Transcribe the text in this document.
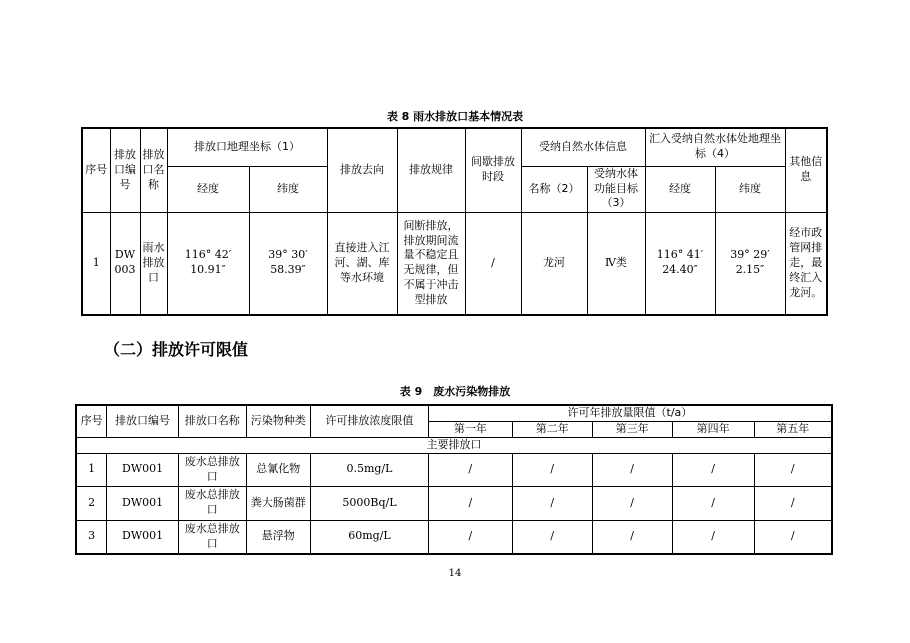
表 8 雨水排放口基本情况表
序号	排放口编号	排放口名称	排放口地理坐标（1）		排放去向	排放规律	间歇排放时段	受纳自然水体信息		汇入受纳自然水体处地理坐标（4）		其他信息
			经度	纬度				名称（2）	受纳水体功能目标（3）	经度	纬度	
1	DW003	雨水排放口	116° 42′ 10.91″	39° 30′ 58.39″	直接进入江河、湖、库等水环境	间断排放，排放期间流量不稳定且无规律，但不属于冲击型排放	/	龙河	Ⅳ类	116° 41′ 24.40″	39° 29′ 2.15″	经市政管网排走，最终汇入龙河。
（二）排放许可限值
表 9　废水污染物排放
序号	排放口编号	排放口名称	污染物种类	许可排放浓度限值	许可年排放量限值（t/a）				
					第一年	第二年	第三年	第四年	第五年
主要排放口									
1	DW001	废水总排放口	总氰化物	0.5mg/L	/	/	/	/	/
2	DW001	废水总排放口	粪大肠菌群	5000Bq/L	/	/	/	/	/
3	DW001	废水总排放口	悬浮物	60mg/L	/	/	/	/	/
14
